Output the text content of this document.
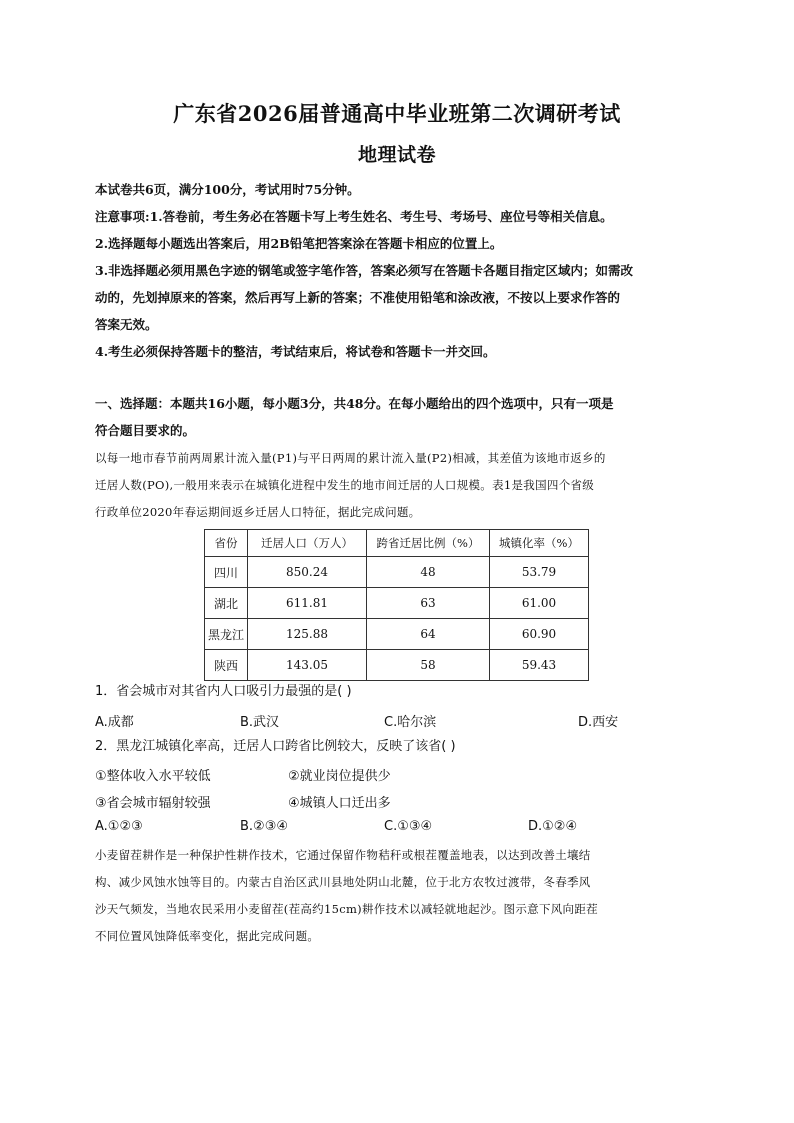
广东省2026届普通高中毕业班第二次调研考试
地理试卷
本试卷共6页，满分100分，考试用时75分钟。
注意事项:1.答卷前，考生务必在答题卡写上考生姓名、考生号、考场号、座位号等相关信息。
2.选择题每小题选出答案后，用2B铅笔把答案涂在答题卡相应的位置上。
3.非选择题必须用黑色字迹的钢笔或签字笔作答，答案必须写在答题卡各题目指定区域内；如需改
动的，先划掉原来的答案，然后再写上新的答案；不准使用铅笔和涂改液，不按以上要求作答的
答案无效。
4.考生必须保持答题卡的整洁，考试结束后，将试卷和答题卡一并交回。
一、选择题：本题共16小题，每小题3分，共48分。在每小题给出的四个选项中，只有一项是
符合题目要求的。
以每一地市春节前两周累计流入量(P1)与平日两周的累计流入量(P2)相减，其差值为该地市返乡的
迁居人数(PO),一般用来表示在城镇化进程中发生的地市间迁居的人口规模。表1是我国四个省级
行政单位2020年春运期间返乡迁居人口特征，据此完成问题。
省份	迁居人口（万人）	跨省迁居比例（%）	城镇化率（%）
四川	850.24	48	53.79
湖北	611.81	63	61.00
黑龙江	125.88	64	60.90
陕西	143.05	58	59.43
1．省会城市对其省内人口吸引力最强的是( )
A.成都	B.武汉	C.哈尔滨	D.西安
2．黑龙江城镇化率高，迁居人口跨省比例较大，反映了该省( )
①整体收入水平较低	②就业岗位提供少
③省会城市辐射较强	④城镇人口迁出多
A.①②③	B.②③④	C.①③④	D.①②④
小麦留茬耕作是一种保护性耕作技术，它通过保留作物秸秆或根茬覆盖地表，以达到改善土壤结
构、减少风蚀水蚀等目的。内蒙古自治区武川县地处阴山北麓，位于北方农牧过渡带，冬春季风
沙天气频发，当地农民采用小麦留茬(茬高约15cm)耕作技术以减轻就地起沙。图示意下风向距茬
不同位置风蚀降低率变化，据此完成问题。
